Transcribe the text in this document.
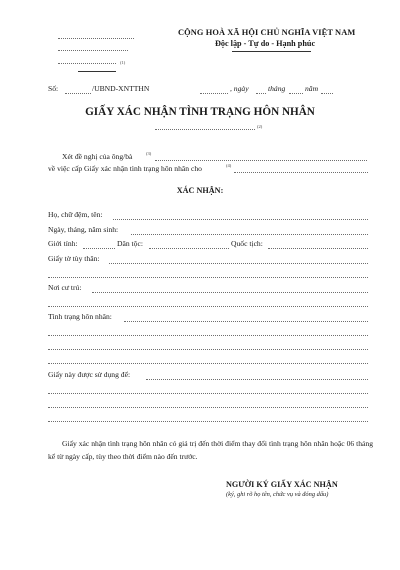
(1)
CỘNG HOÀ XÃ HỘI CHỦ NGHĨA VIỆT NAM
Độc lập - Tự do - Hạnh phúc
Số:	/UBND-XNTTHN	, ngày	tháng	năm
GIẤY XÁC NHẬN TÌNH TRẠNG HÔN NHÂN
(2)
Xét đề nghị của ông/bà	(3)
về việc cấp Giấy xác nhận tình trạng hôn nhân cho	(4)
XÁC NHẬN:
Họ, chữ đệm, tên:
Ngày, tháng, năm sinh:
Giới tính:	Dân tộc:	Quốc tịch:
Giấy tờ tùy thân:
Nơi cư trú:
Tình trạng hôn nhân:
Giấy này được sử dụng để:
Giấy xác nhận tình trạng hôn nhân có giá trị đến thời điểm thay đổi tình trạng hôn nhân hoặc 06 tháng kể từ ngày cấp, tùy theo thời điểm nào đến trước.
NGƯỜI KÝ GIẤY XÁC NHẬN
(ký, ghi rõ họ tên, chức vụ và đóng dấu)
